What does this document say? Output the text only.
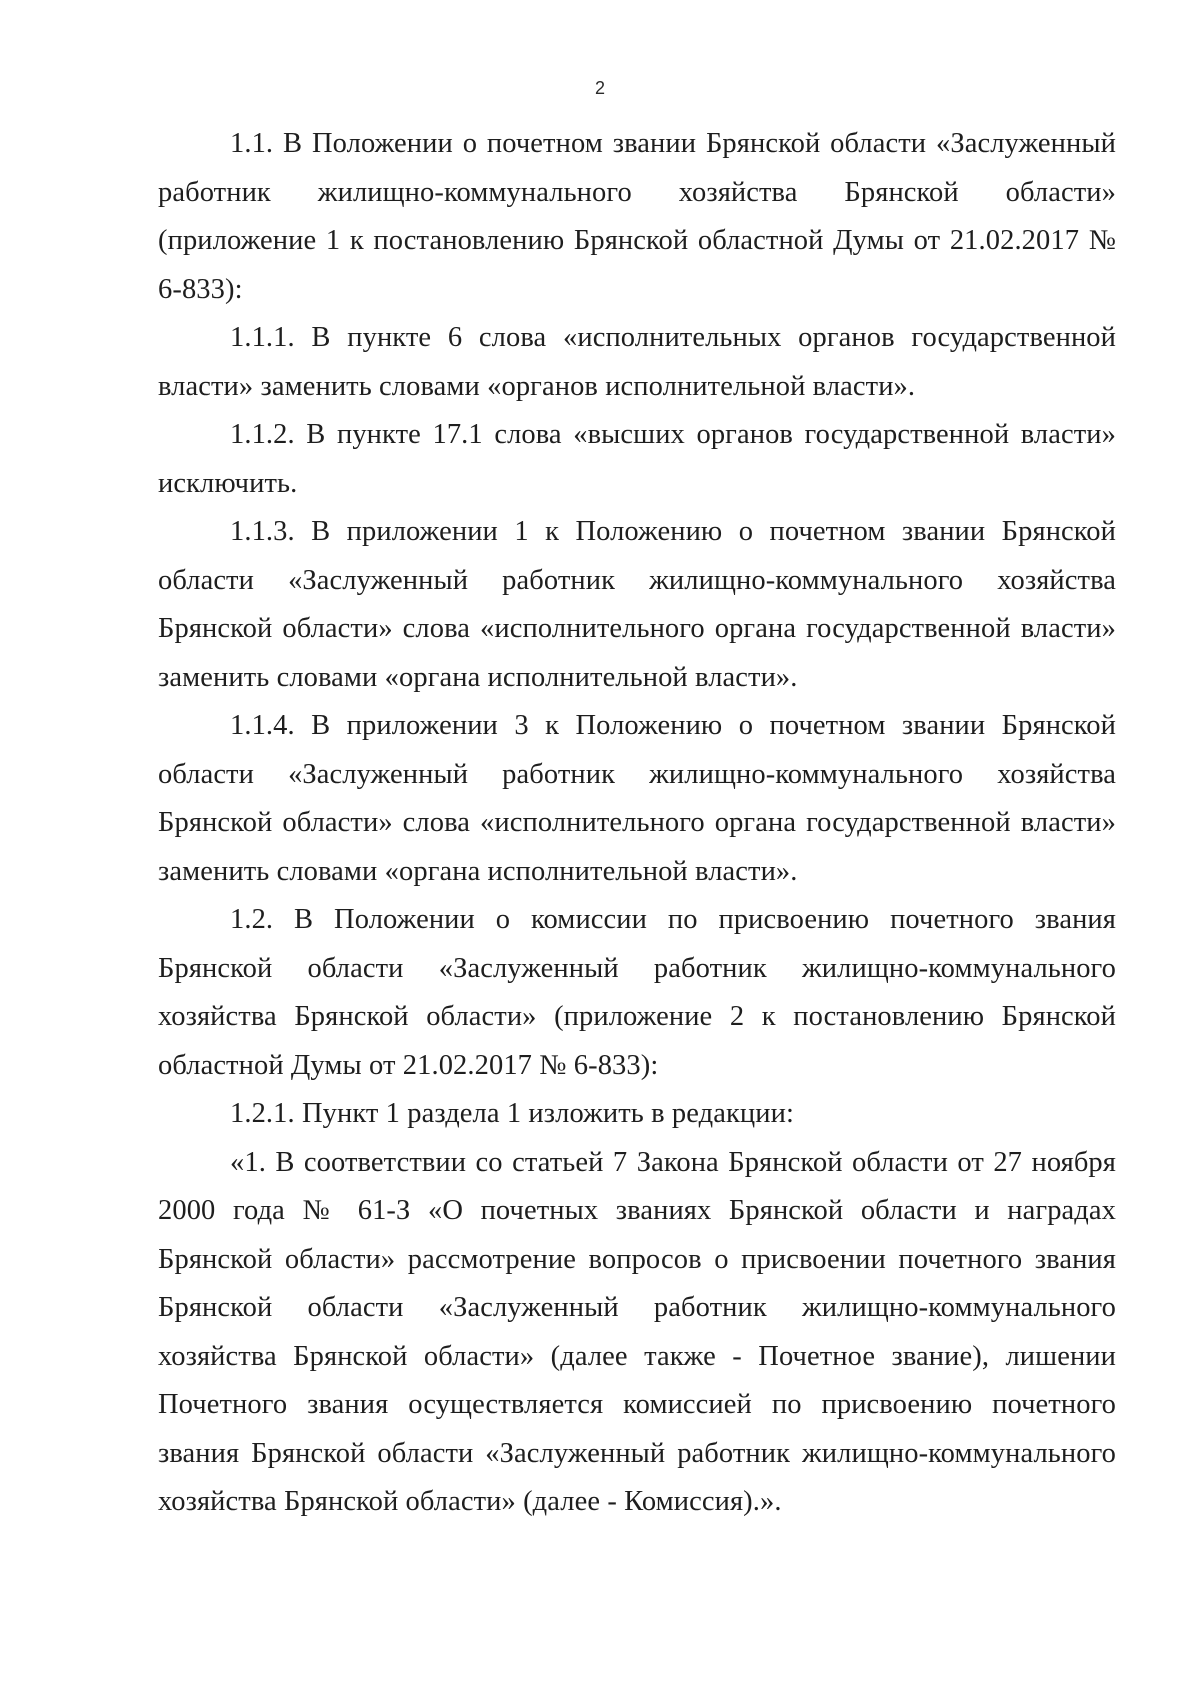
2

1.1. В Положении о почетном звании Брянской области «Заслуженный работник жилищно-коммунального хозяйства Брянской области» (приложение 1 к постановлению Брянской областной Думы от 21.02.2017 № 6-833):

1.1.1. В пункте 6 слова «исполнительных органов государственной власти» заменить словами «органов исполнительной власти».

1.1.2. В пункте 17.1 слова «высших органов государственной власти» исключить.

1.1.3. В приложении 1 к Положению о почетном звании Брянской области «Заслуженный работник жилищно-коммунального хозяйства Брянской области» слова «исполнительного органа государственной власти» заменить словами «органа исполнительной власти».

1.1.4. В приложении 3 к Положению о почетном звании Брянской области «Заслуженный работник жилищно-коммунального хозяйства Брянской области» слова «исполнительного органа государственной власти» заменить словами «органа исполнительной власти».

1.2. В Положении о комиссии по присвоению почетного звания Брянской области «Заслуженный работник жилищно-коммунального хозяйства Брянской области» (приложение 2 к постановлению Брянской областной Думы от 21.02.2017 № 6-833):

1.2.1. Пункт 1 раздела 1 изложить в редакции:

«1. В соответствии со статьей 7 Закона Брянской области от 27 ноября 2000 года № 61-З «О почетных званиях Брянской области и наградах Брянской области» рассмотрение вопросов о присвоении почетного звания Брянской области «Заслуженный работник жилищно-коммунального хозяйства Брянской области» (далее также - Почетное звание), лишении Почетного звания осуществляется комиссией по присвоению почетного звания Брянской области «Заслуженный работник жилищно-коммунального хозяйства Брянской области» (далее - Комиссия).».
